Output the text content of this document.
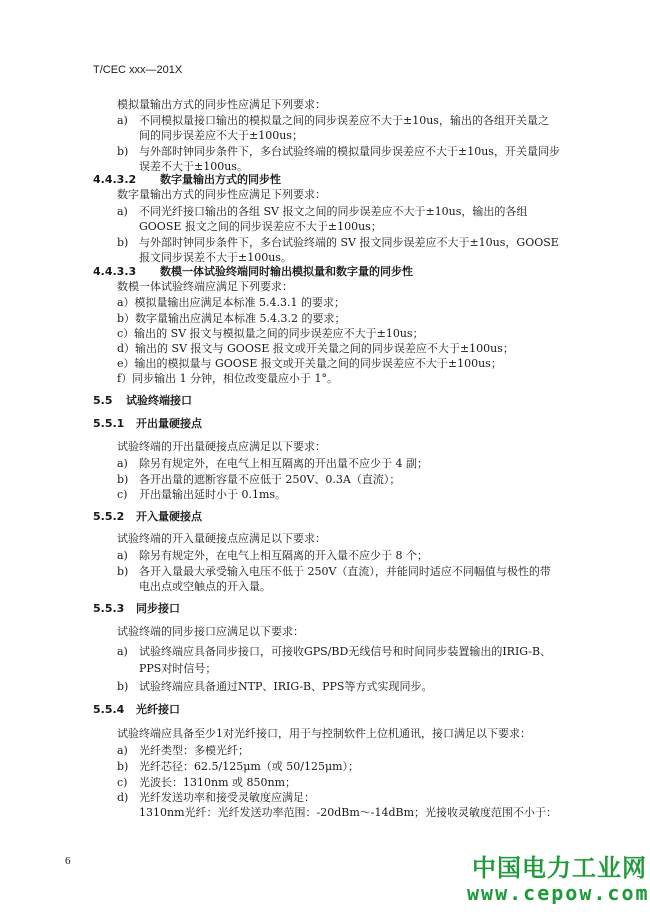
T/CEC xxx—201X
模拟量输出方式的同步性应满足下列要求：
a)	不同模拟量接口输出的模拟量之间的同步误差应不大于±10us，输出的各组开关量之
间的同步误差应不大于±100us；
b) 与外部时钟同步条件下，多台试验终端的模拟量同步误差应不大于±10us，开关量同步
误差不大于±100us。
4.4.3.2 数字量输出方式的同步性
数字量输出方式的同步性应满足下列要求：
a)	不同光纤接口输出的各组 SV 报文之间的同步误差应不大于±10us，输出的各组
GOOSE 报文之间的同步误差应不大于±100us；
b) 与外部时钟同步条件下，多台试验终端的 SV 报文同步误差应不大于±10us，GOOSE
报文同步误差不大于±100us。
4.4.3.3 数模一体试验终端同时输出模拟量和数字量的同步性
数模一体试验终端应满足下列要求：
a）模拟量输出应满足本标准 5.4.3.1 的要求；
b）数字量输出应满足本标准 5.4.3.2 的要求；
c）输出的 SV 报文与模拟量之间的同步误差应不大于±10us；
d）输出的 SV 报文与 GOOSE 报文或开关量之间的同步误差应不大于±100us；
e）输出的模拟量与 GOOSE 报文或开关量之间的同步误差应不大于±100us；
f）同步输出 1 分钟，相位改变量应小于 1°。
5.5 试验终端接口
5.5.1 开出量硬接点
试验终端的开出量硬接点应满足以下要求：
a)	除另有规定外，在电气上相互隔离的开出量不应少于 4 副；
b) 各开出量的遮断容量不应低于 250V、0.3A（直流）；
c)	开出量输出延时小于 0.1ms。
5.5.2 开入量硬接点
试验终端的开入量硬接点应满足以下要求：
a)	除另有规定外，在电气上相互隔离的开入量不应少于 8 个；
b) 各开入量最大承受输入电压不低于 250V（直流），并能同时适应不同幅值与极性的带
电出点或空触点的开入量。
5.5.3 同步接口
试验终端的同步接口应满足以下要求：
a)	试验终端应具备同步接口，可接收GPS/BD无线信号和时间同步装置输出的IRIG-B、
PPS对时信号；
b) 试验终端应具备通过NTP、IRIG-B、PPS等方式实现同步。
5.5.4 光纤接口
试验终端应具备至少1对光纤接口，用于与控制软件上位机通讯，接口满足以下要求：
a)	光纤类型：多模光纤；
b) 光纤芯径：62.5/125μm（或 50/125μm）；
c)	光波长：1310nm 或 850nm；
d) 光纤发送功率和接受灵敏度应满足：
1310nm光纤：光纤发送功率范围：-20dBm～-14dBm；光接收灵敏度范围不小于：
6	中国电力工业网
www.cepow.com
